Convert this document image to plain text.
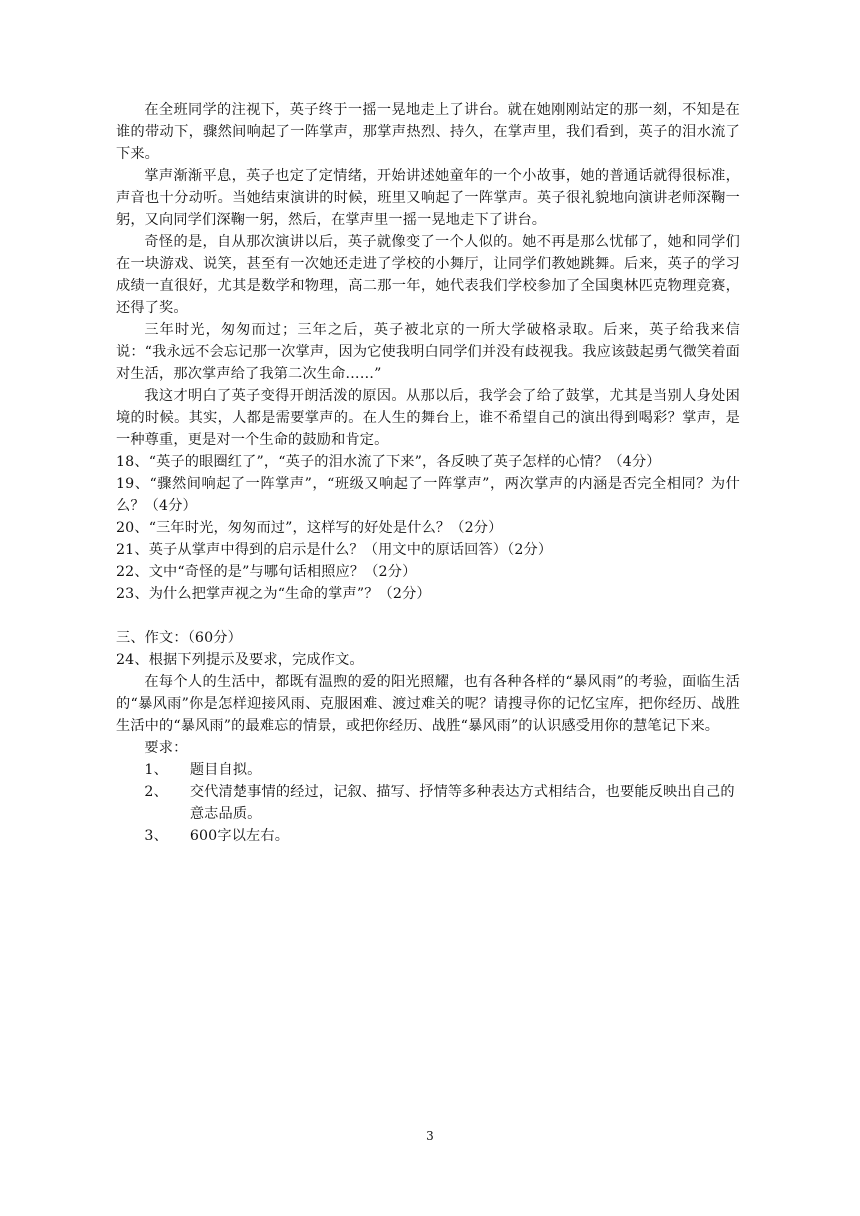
在全班同学的注视下，英子终于一摇一晃地走上了讲台。就在她刚刚站定的那一刻，不知是在谁的带动下，骤然间响起了一阵掌声，那掌声热烈、持久，在掌声里，我们看到，英子的泪水流了下来。

掌声渐渐平息，英子也定了定情绪，开始讲述她童年的一个小故事，她的普通话就得很标准，声音也十分动听。当她结束演讲的时候，班里又响起了一阵掌声。英子很礼貌地向演讲老师深鞠一躬，又向同学们深鞠一躬，然后，在掌声里一摇一晃地走下了讲台。

奇怪的是，自从那次演讲以后，英子就像变了一个人似的。她不再是那么忧郁了，她和同学们在一块游戏、说笑，甚至有一次她还走进了学校的小舞厅，让同学们教她跳舞。后来，英子的学习成绩一直很好，尤其是数学和物理，高二那一年，她代表我们学校参加了全国奥林匹克物理竞赛，还得了奖。

三年时光，匆匆而过；三年之后，英子被北京的一所大学破格录取。后来，英子给我来信说：“我永远不会忘记那一次掌声，因为它使我明白同学们并没有歧视我。我应该鼓起勇气微笑着面对生活，那次掌声给了我第二次生命……”

我这才明白了英子变得开朗活泼的原因。从那以后，我学会了给了鼓掌，尤其是当别人身处困境的时候。其实，人都是需要掌声的。在人生的舞台上，谁不希望自己的演出得到喝彩？掌声，是一种尊重，更是对一个生命的鼓励和肯定。

18、“英子的眼圈红了”，“英子的泪水流了下来”，各反映了英子怎样的心情？（4分）

19、“骤然间响起了一阵掌声”，“班级又响起了一阵掌声”，两次掌声的内涵是否完全相同？为什么？（4分）

20、“三年时光，匆匆而过”，这样写的好处是什么？（2分）

21、英子从掌声中得到的启示是什么？（用文中的原话回答）（2分）

22、文中“奇怪的是”与哪句话相照应？（2分）

23、为什么把掌声视之为“生命的掌声”？（2分）

三、作文：（60分）

24、根据下列提示及要求，完成作文。

在每个人的生活中，都既有温煦的爱的阳光照耀，也有各种各样的“暴风雨”的考验，面临生活的“暴风雨”你是怎样迎接风雨、克服困难、渡过难关的呢？请搜寻你的记忆宝库，把你经历、战胜生活中的“暴风雨”的最难忘的情景，或把你经历、战胜“暴风雨”的认识感受用你的慧笔记下来。

要求：

1、	题目自拟。
2、	交代清楚事情的经过，记叙、描写、抒情等多种表达方式相结合，也要能反映出自己的意志品质。
3、	600字以左右。
3
